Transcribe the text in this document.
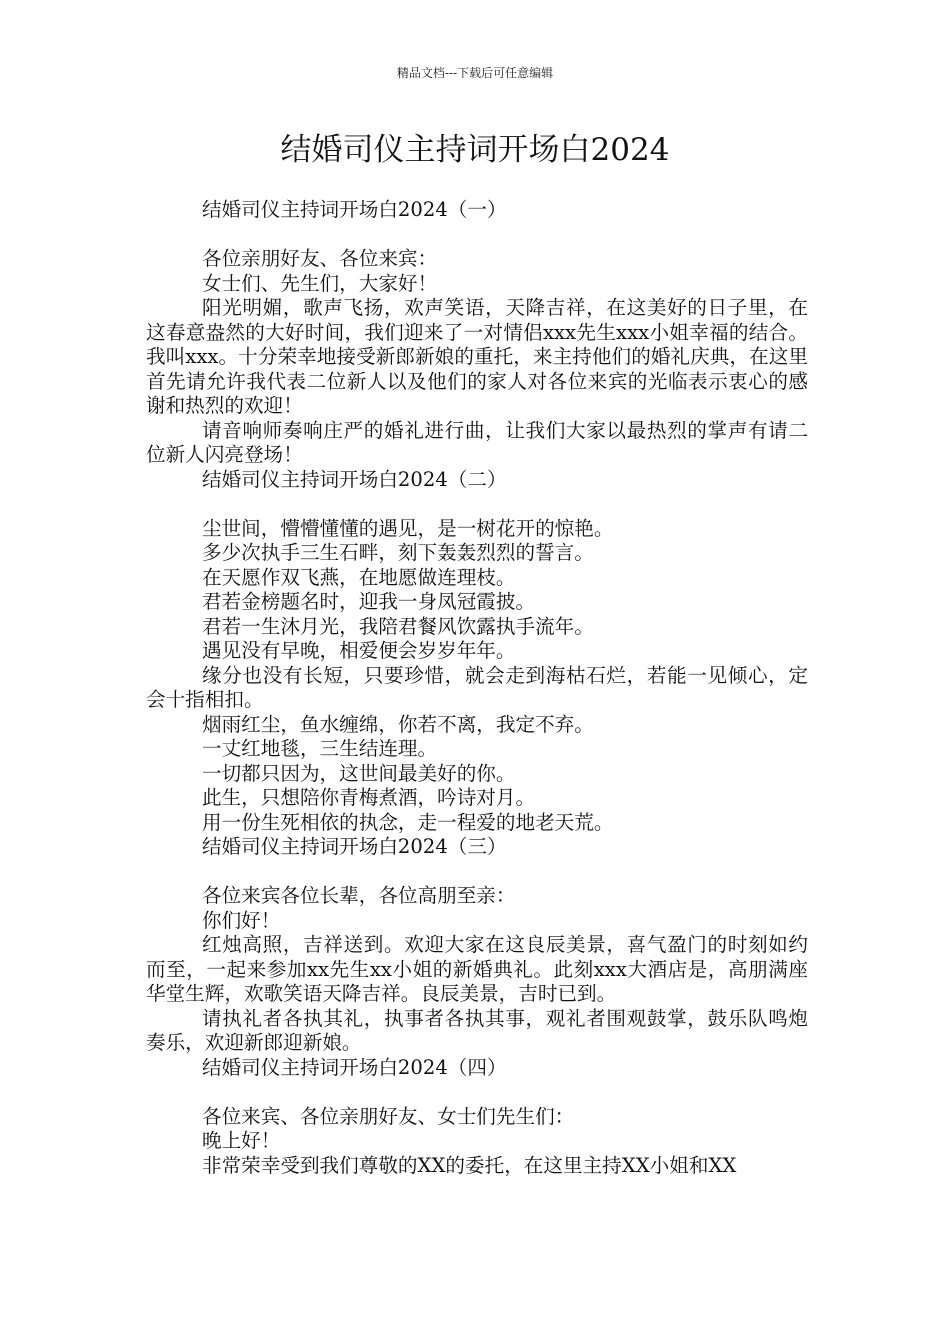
精品文档---下载后可任意编辑
结婚司仪主持词开场白2024

结婚司仪主持词开场白2024（一）

各位亲朋好友、各位来宾：

女士们、先生们，大家好！

阳光明媚，歌声飞扬，欢声笑语，天降吉祥，在这美好的日子里，在这春意盎然的大好时间，我们迎来了一对情侣xxx先生xxx小姐幸福的结合。我叫xxx。十分荣幸地接受新郎新娘的重托，来主持他们的婚礼庆典，在这里首先请允许我代表二位新人以及他们的家人对各位来宾的光临表示衷心的感谢和热烈的欢迎！

请音响师奏响庄严的婚礼进行曲，让我们大家以最热烈的掌声有请二位新人闪亮登场！

结婚司仪主持词开场白2024（二）

尘世间，懵懵懂懂的遇见，是一树花开的惊艳。

多少次执手三生石畔，刻下轰轰烈烈的誓言。

在天愿作双飞燕，在地愿做连理枝。

君若金榜题名时，迎我一身凤冠霞披。

君若一生沐月光，我陪君餐风饮露执手流年。

遇见没有早晚，相爱便会岁岁年年。

缘分也没有长短，只要珍惜，就会走到海枯石烂，若能一见倾心，定会十指相扣。

烟雨红尘，鱼水缠绵，你若不离，我定不弃。

一丈红地毯，三生结连理。

一切都只因为，这世间最美好的你。

此生，只想陪你青梅煮酒，吟诗对月。

用一份生死相依的执念，走一程爱的地老天荒。

结婚司仪主持词开场白2024（三）

各位来宾各位长辈，各位高朋至亲：

你们好！

红烛高照，吉祥送到。欢迎大家在这良辰美景，喜气盈门的时刻如约而至，一起来参加xx先生xx小姐的新婚典礼。此刻xxx大酒店是，高朋满座华堂生辉，欢歌笑语天降吉祥。良辰美景，吉时已到。

请执礼者各执其礼，执事者各执其事，观礼者围观鼓掌，鼓乐队鸣炮奏乐，欢迎新郎迎新娘。

结婚司仪主持词开场白2024（四）

各位来宾、各位亲朋好友、女士们先生们：

晚上好！

非常荣幸受到我们尊敬的XX的委托，在这里主持XX小姐和XX
